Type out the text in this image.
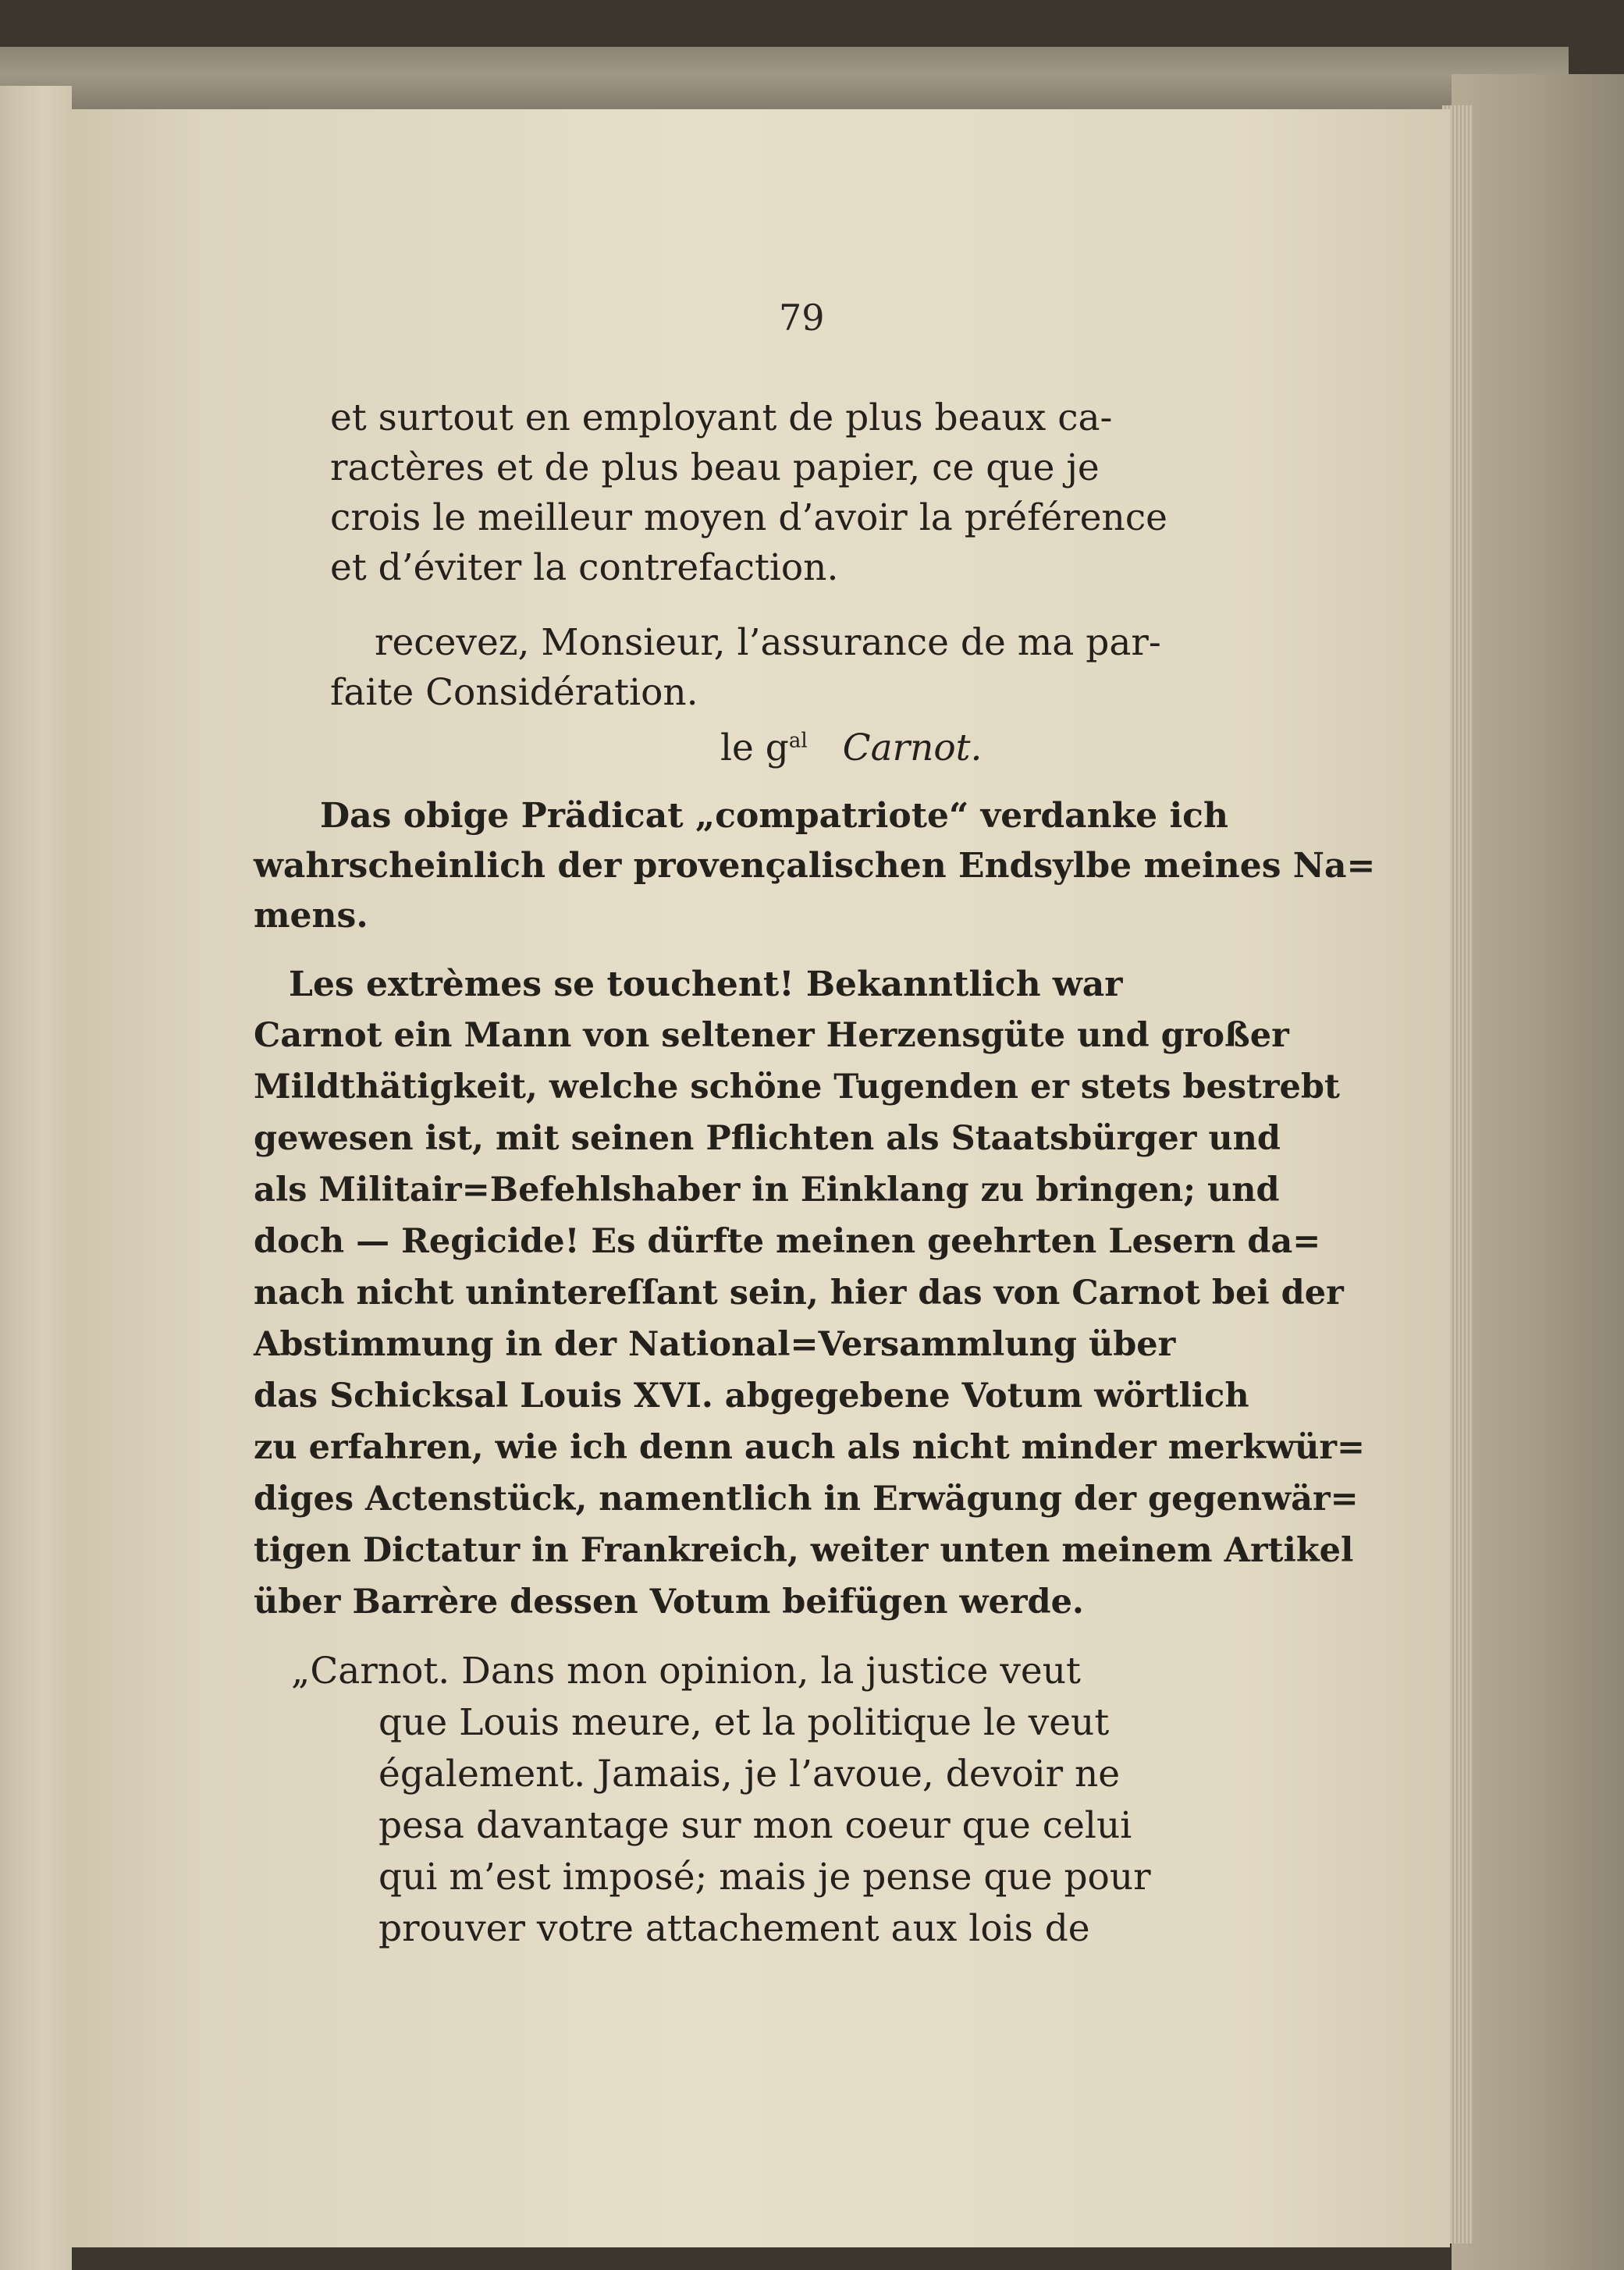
79
et surtout en employant de plus beaux ca-
ractères et de plus beau papier, ce que je
crois le meilleur moyen d’avoir la préférence
et d’éviter la contrefaction.
recevez, Monsieur, l’assurance de ma par-
faite Considération.
le $g^{al}$ Carnot.
Das obige Prädicat „compatriote“ verdanke ich
wahrscheinlich der provençalischen Endsylbe meines Na=
mens.
Les extrèmes se touchent! Bekanntlich war
Carnot ein Mann von seltener Herzensgüte und großer
Mildthätigkeit, welche schöne Tugenden er stets bestrebt
gewesen ist, mit seinen Pflichten als Staatsbürger und
als Militair=Befehlshaber in Einklang zu bringen; und
doch — Regicide! Es dürfte meinen geehrten Lesern da=
nach nicht unintereſſant sein, hier das von Carnot bei der
Abstimmung in der National=Versammlung über
das Schicksal Louis XVI. abgegebene Votum wörtlich
zu erfahren, wie ich denn auch als nicht minder merkwür=
diges Actenstück, namentlich in Erwägung der gegenwär=
tigen Dictatur in Frankreich, weiter unten meinem Artikel
über Barrère dessen Votum beifügen werde.
„Carnot. Dans mon opinion, la justice veut
que Louis meure, et la politique le veut
également. Jamais, je l’avoue, devoir ne
pesa davantage sur mon coeur que celui
qui m’est imposé; mais je pense que pour
prouver votre attachement aux lois de
